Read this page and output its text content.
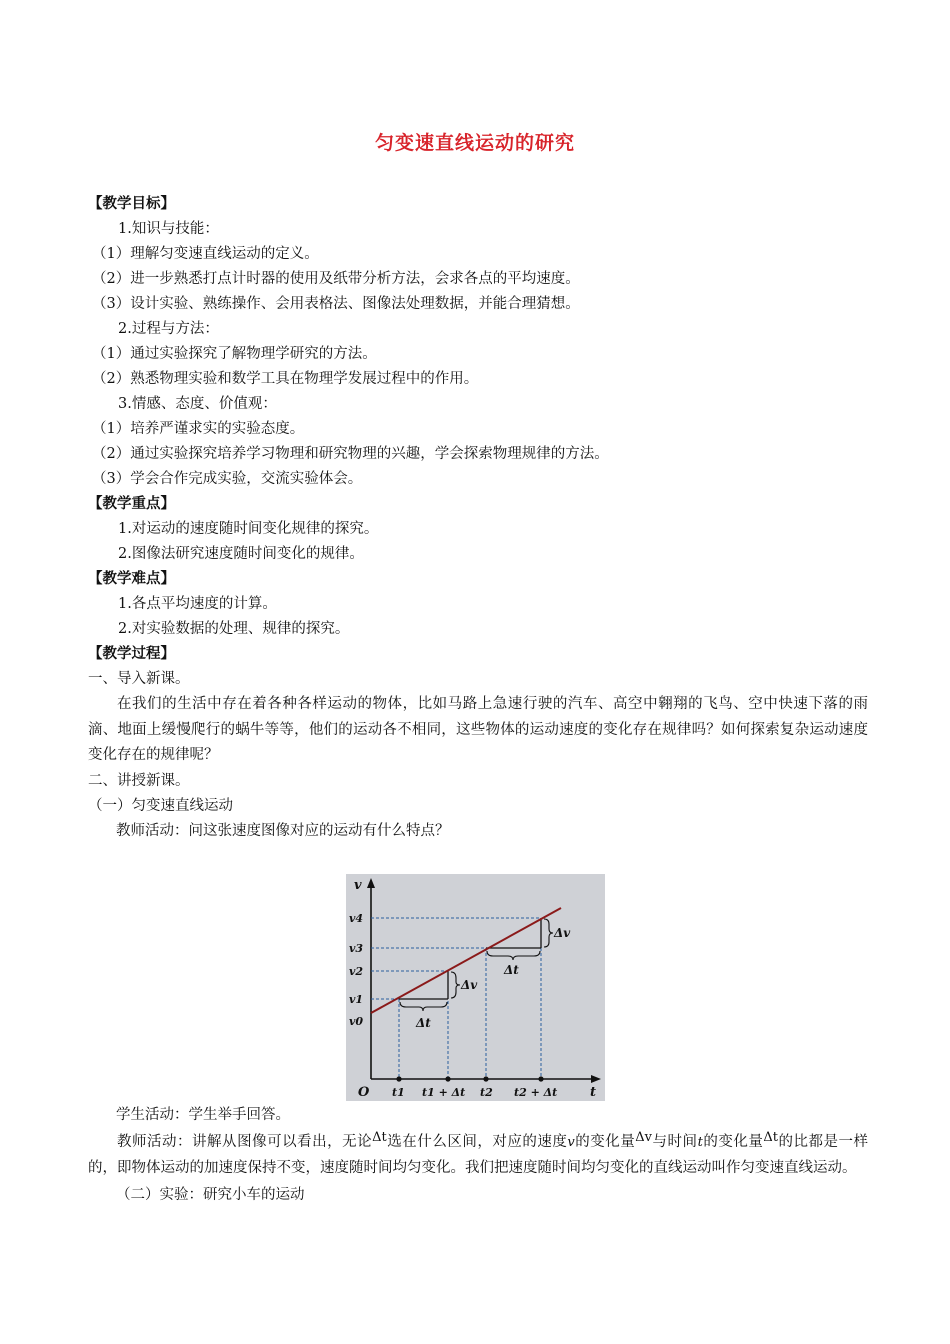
匀变速直线运动的研究
【教学目标】
1.知识与技能：
（1）理解匀变速直线运动的定义。
（2）进一步熟悉打点计时器的使用及纸带分析方法，会求各点的平均速度。
（3）设计实验、熟练操作、会用表格法、图像法处理数据，并能合理猜想。
2.过程与方法：
（1）通过实验探究了解物理学研究的方法。
（2）熟悉物理实验和数学工具在物理学发展过程中的作用。
3.情感、态度、价值观：
（1）培养严谨求实的实验态度。
（2）通过实验探究培养学习物理和研究物理的兴趣，学会探索物理规律的方法。
（3）学会合作完成实验，交流实验体会。
【教学重点】
1.对运动的速度随时间变化规律的探究。
2.图像法研究速度随时间变化的规律。
【教学难点】
1.各点平均速度的计算。
2.对实验数据的处理、规律的探究。
【教学过程】
一、导入新课。
在我们的生活中存在着各种各样运动的物体，比如马路上急速行驶的汽车、高空中翱翔的飞鸟、空中快速下落的雨滴、地面上缓慢爬行的蜗牛等等，他们的运动各不相同，这些物体的运动速度的变化存在规律吗？如何探索复杂运动速度变化存在的规律呢？
二、讲授新课。
（一）匀变速直线运动
教师活动：问这张速度图像对应的运动有什么特点？
v
t
O
v4
v3
v2
v1
v0
t1 t1 + Δt t2 t2 + Δt
Δv
Δv
Δt
Δt
学生活动：学生举手回答。
教师活动：讲解从图像可以看出，无论Δt选在什么区间，对应的速度v的变化量Δv与时间t的变化量Δt的比都是一样的，即物体运动的加速度保持不变，速度随时间均匀变化。我们把速度随时间均匀变化的直线运动叫作匀变速直线运动。
（二）实验：研究小车的运动
